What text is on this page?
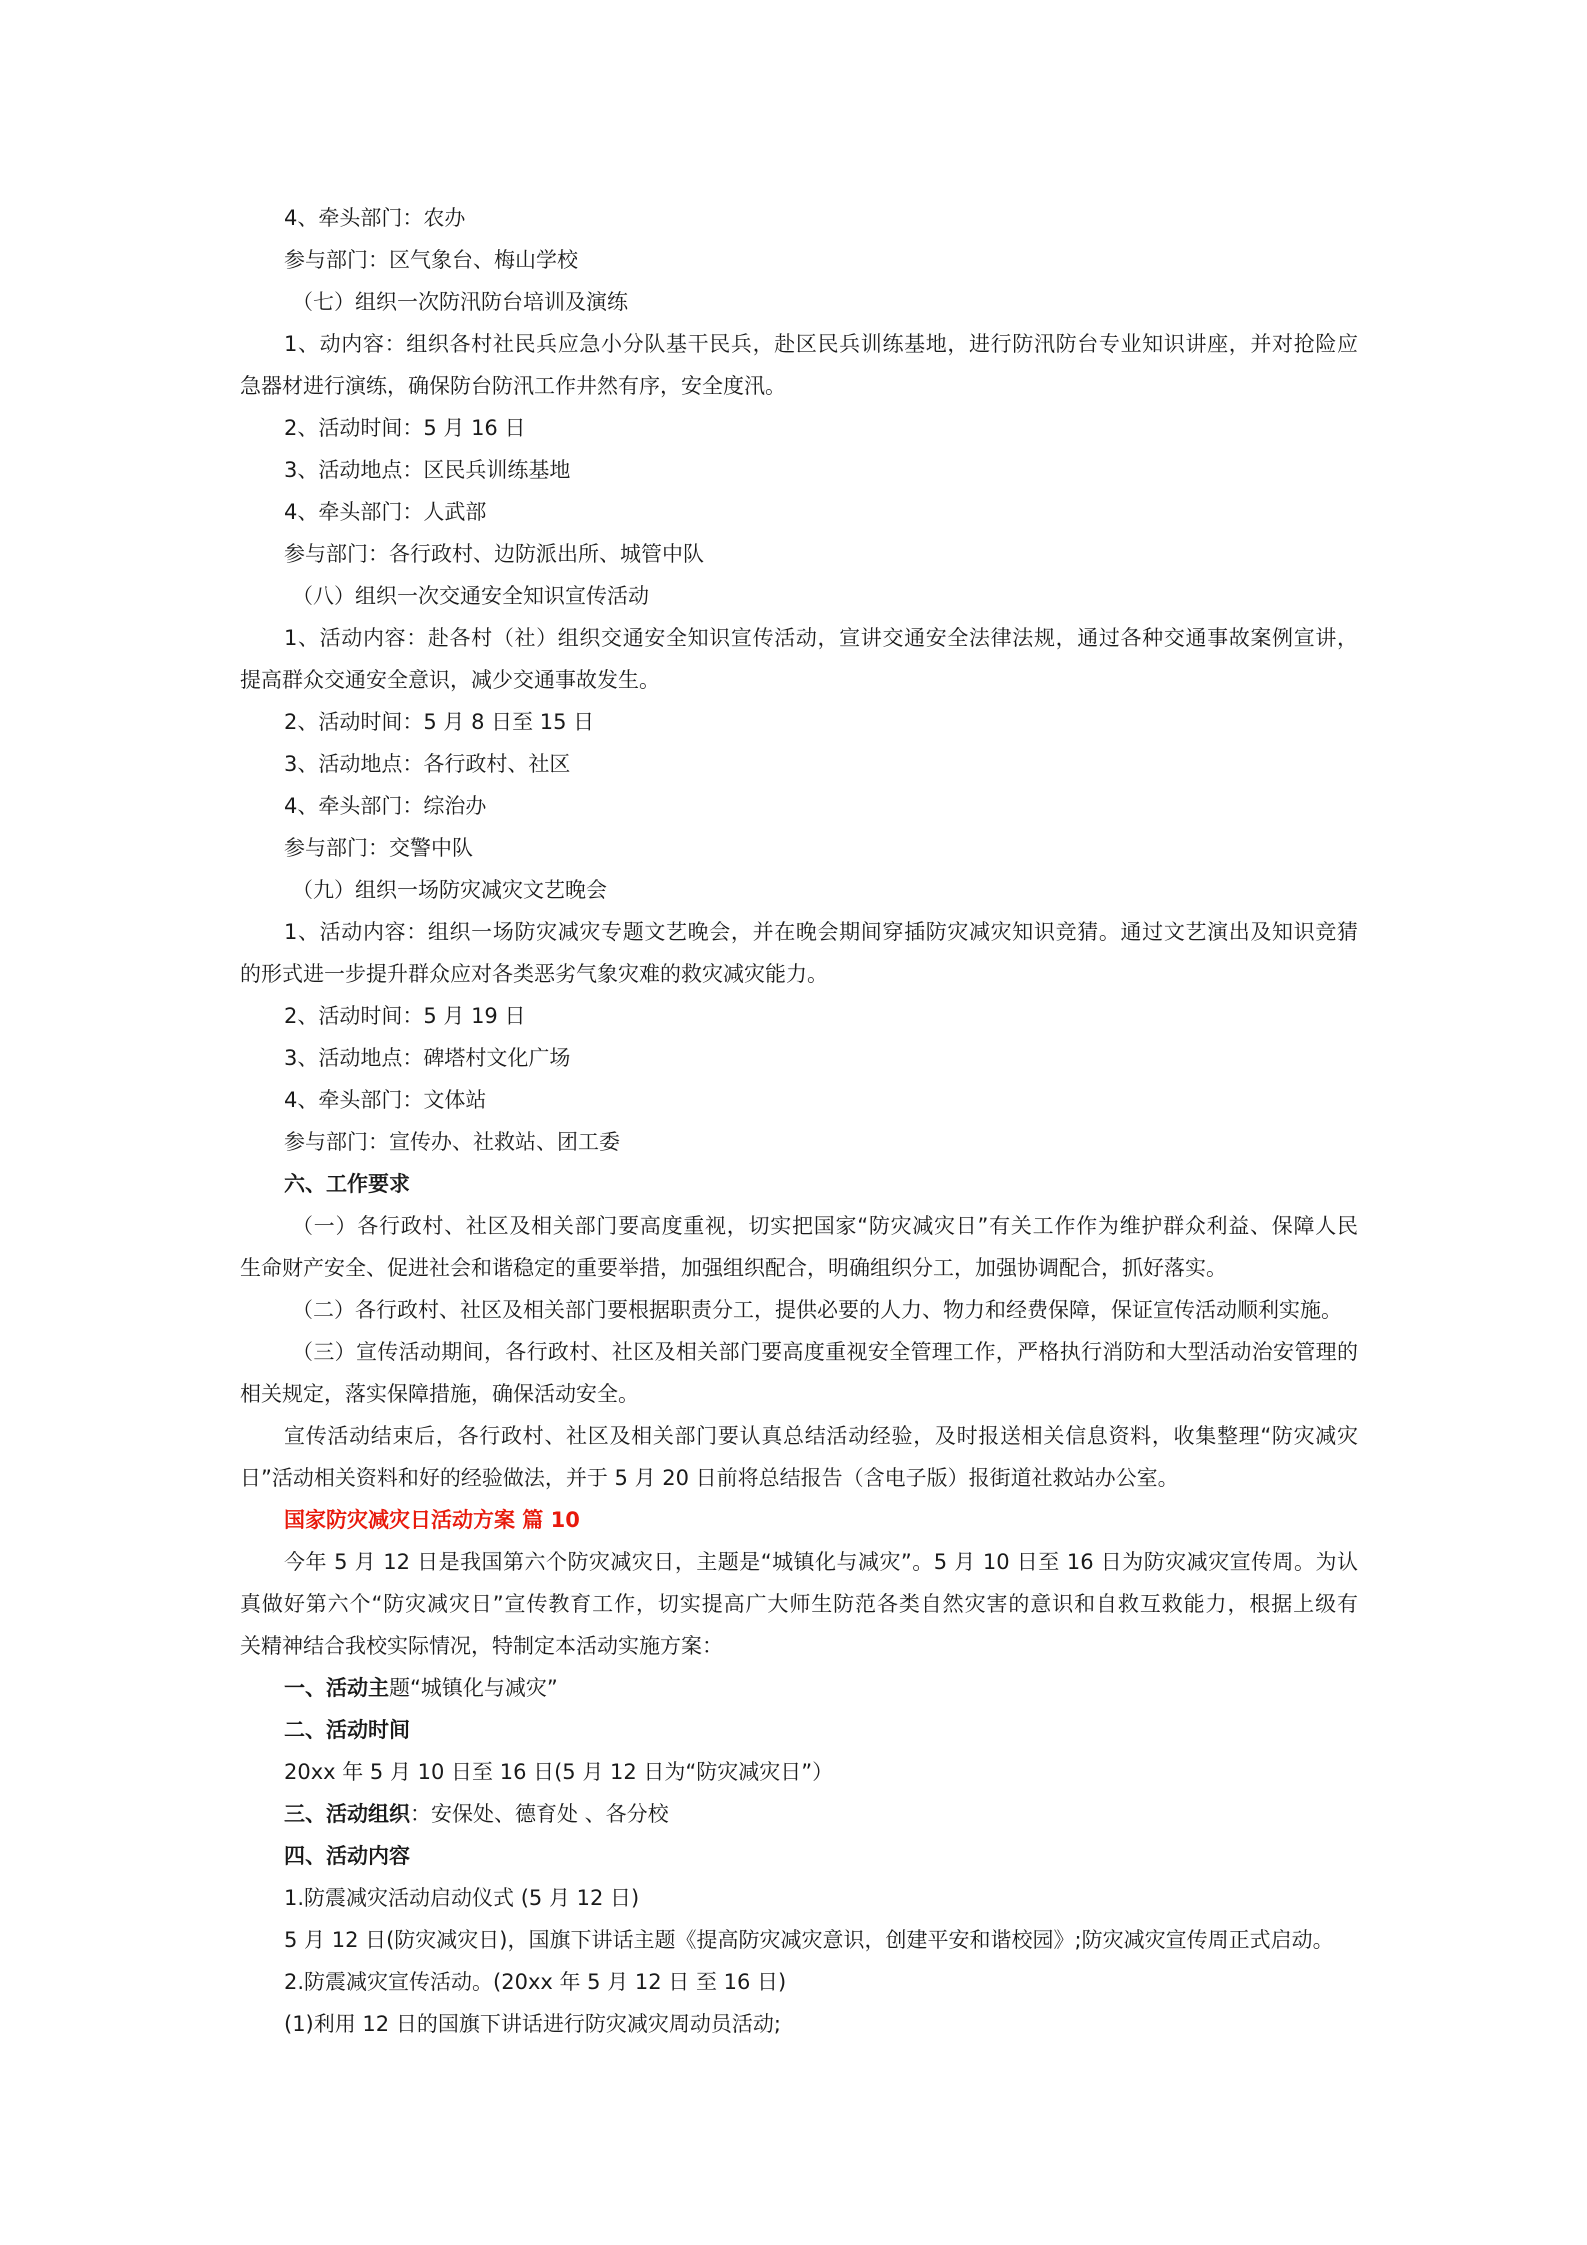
4、牵头部门：农办
参与部门：区气象台、梅山学校
（七）组织一次防汛防台培训及演练
1、动内容：组织各村社民兵应急小分队基干民兵，赴区民兵训练基地，进行防汛防台专业知识讲座，并对抢险应
急器材进行演练，确保防台防汛工作井然有序，安全度汛。
2、活动时间：5 月 16 日
3、活动地点：区民兵训练基地
4、牵头部门：人武部
参与部门：各行政村、边防派出所、城管中队
（八）组织一次交通安全知识宣传活动
1、活动内容：赴各村（社）组织交通安全知识宣传活动，宣讲交通安全法律法规，通过各种交通事故案例宣讲，
提高群众交通安全意识，减少交通事故发生。
2、活动时间：5 月 8 日至 15 日
3、活动地点：各行政村、社区
4、牵头部门：综治办
参与部门：交警中队
（九）组织一场防灾减灾文艺晚会
1、活动内容：组织一场防灾减灾专题文艺晚会，并在晚会期间穿插防灾减灾知识竞猜。通过文艺演出及知识竞猜
的形式进一步提升群众应对各类恶劣气象灾难的救灾减灾能力。
2、活动时间：5 月 19 日
3、活动地点：碑塔村文化广场
4、牵头部门：文体站
参与部门：宣传办、社救站、团工委
六、工作要求
（一）各行政村、社区及相关部门要高度重视，切实把国家“防灾减灾日”有关工作作为维护群众利益、保障人民
生命财产安全、促进社会和谐稳定的重要举措，加强组织配合，明确组织分工，加强协调配合，抓好落实。
（二）各行政村、社区及相关部门要根据职责分工，提供必要的人力、物力和经费保障，保证宣传活动顺利实施。
（三）宣传活动期间，各行政村、社区及相关部门要高度重视安全管理工作，严格执行消防和大型活动治安管理的
相关规定，落实保障措施，确保活动安全。
宣传活动结束后，各行政村、社区及相关部门要认真总结活动经验，及时报送相关信息资料，收集整理“防灾减灾
日”活动相关资料和好的经验做法，并于 5 月 20 日前将总结报告（含电子版）报街道社救站办公室。
国家防灾减灾日活动方案 篇 10
今年 5 月 12 日是我国第六个防灾减灾日，主题是“城镇化与减灾”。5 月 10 日至 16 日为防灾减灾宣传周。为认
真做好第六个“防灾减灾日”宣传教育工作，切实提高广大师生防范各类自然灾害的意识和自救互救能力，根据上级有
关精神结合我校实际情况，特制定本活动实施方案：
一、活动主题“城镇化与减灾”
二、活动时间
20xx 年 5 月 10 日至 16 日(5 月 12 日为“防灾减灾日”）
三、活动组织：安保处、德育处 、各分校
四、活动内容
1.防震减灾活动启动仪式 (5 月 12 日)
5 月 12 日(防灾减灾日)，国旗下讲话主题《提高防灾减灾意识，创建平安和谐校园》;防灾减灾宣传周正式启动。
2.防震减灾宣传活动。(20xx 年 5 月 12 日 至 16 日)
(1)利用 12 日的国旗下讲话进行防灾减灾周动员活动;
